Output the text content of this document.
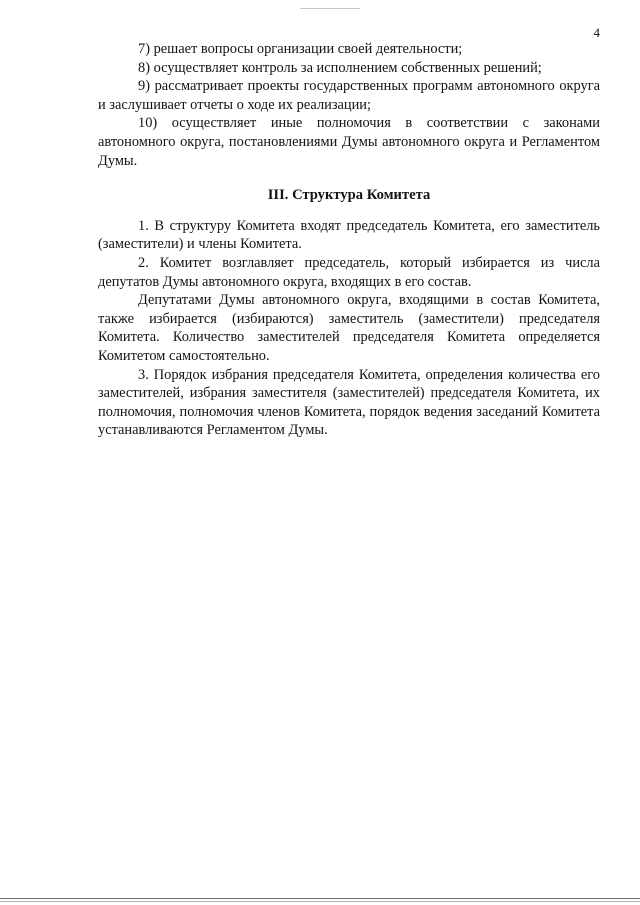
4

7) решает вопросы организации своей деятельности;

8) осуществляет контроль за исполнением собственных решений;

9) рассматривает проекты государственных программ автономного округа и заслушивает отчеты о ходе их реализации;

10) осуществляет иные полномочия в соответствии с законами автономного округа, постановлениями Думы автономного округа и Регламентом Думы.

III. Структура Комитета

1. В структуру Комитета входят председатель Комитета, его заместитель (заместители) и члены Комитета.

2. Комитет возглавляет председатель, который избирается из числа депутатов Думы автономного округа, входящих в его состав.

Депутатами Думы автономного округа, входящими в состав Комитета, также избирается (избираются) заместитель (заместители) председателя Комитета. Количество заместителей председателя Комитета определяется Комитетом самостоятельно.

3. Порядок избрания председателя Комитета, определения количества его заместителей, избрания заместителя (заместителей) председателя Комитета, их полномочия, полномочия членов Комитета, порядок ведения заседаний Комитета устанавливаются Регламентом Думы.
